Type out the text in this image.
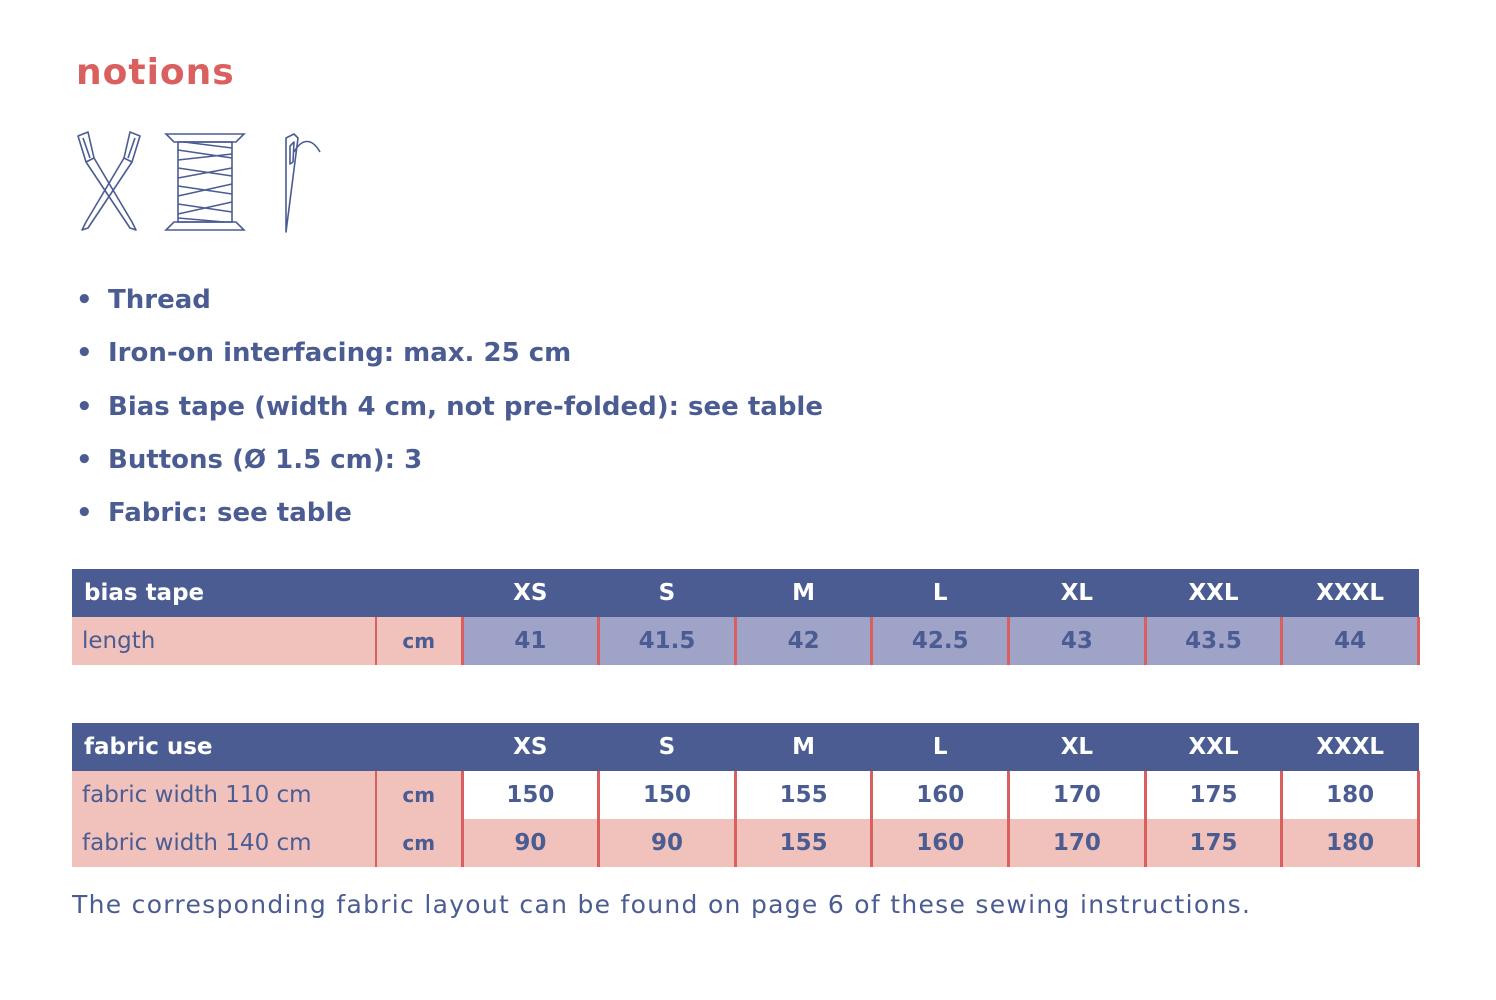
notions
• Thread
• Iron-on interfacing: max. 25 cm
• Bias tape (width 4 cm, not pre-folded): see table
• Buttons (Ø 1.5 cm): 3
• Fabric: see table
bias tape		XS	S	M	L	XL	XXL	XXXL
length	cm	41	41.5	42	42.5	43	43.5	44
fabric use		XS	S	M	L	XL	XXL	XXXL
fabric width 110 cm	cm	150	150	155	160	170	175	180
fabric width 140 cm	cm	90	90	155	160	170	175	180

The corresponding fabric layout can be found on page 6 of these sewing instructions.
